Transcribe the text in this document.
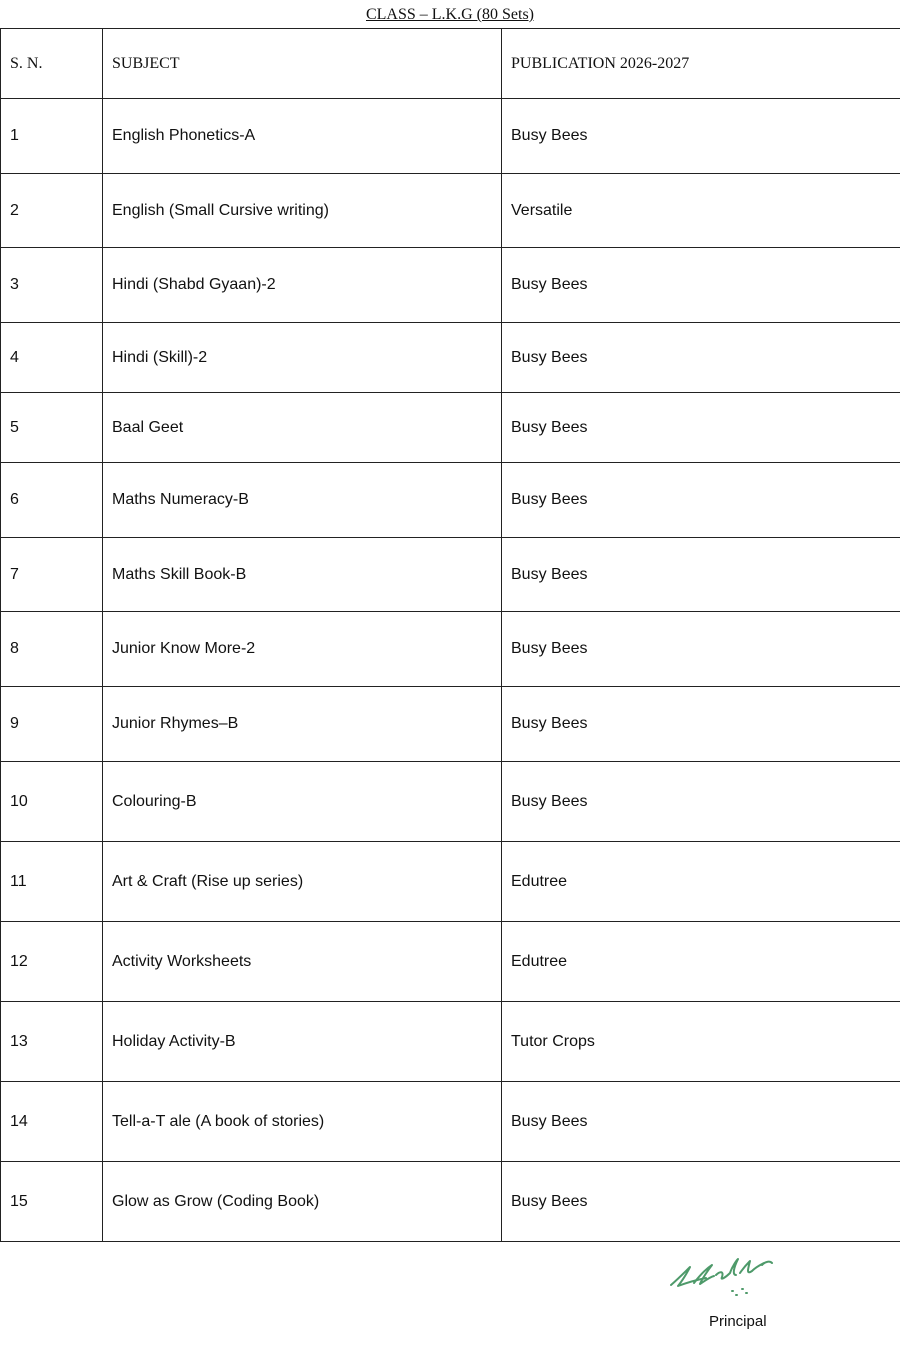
CLASS – L.K.G (80 Sets)
S. N.	SUBJECT	PUBLICATION 2026-2027
1	English Phonetics-A	Busy Bees
2	English (Small Cursive writing)	Versatile
3	Hindi (Shabd Gyaan)-2	Busy Bees
4	Hindi (Skill)-2	Busy Bees
5	Baal Geet	Busy Bees
6	Maths Numeracy-B	Busy Bees
7	Maths Skill Book-B	Busy Bees
8	Junior Know More-2	Busy Bees
9	Junior Rhymes–B	Busy Bees
10	Colouring-B	Busy Bees
11	Art & Craft (Rise up series)	Edutree
12	Activity Worksheets	Edutree
13	Holiday Activity-B	Tutor Crops
14	Tell-a-T ale (A book of stories)	Busy Bees
15	Glow as Grow (Coding Book)	Busy Bees
Principal
